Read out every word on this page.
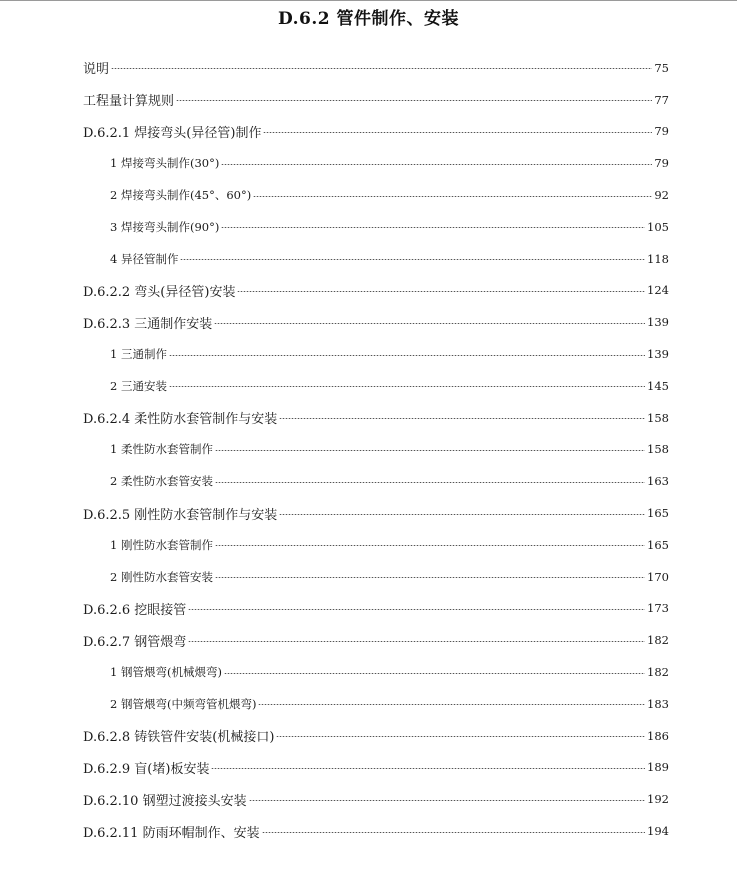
D.6.2 管件制作、安装
说明	75
工程量计算规则	77
D.6.2.1 焊接弯头(异径管)制作	79
1 焊接弯头制作(30°)	79
2 焊接弯头制作(45°、60°)	92
3 焊接弯头制作(90°)	105
4 异径管制作	118
D.6.2.2 弯头(异径管)安装	124
D.6.2.3 三通制作安装	139
1 三通制作	139
2 三通安装	145
D.6.2.4 柔性防水套管制作与安装	158
1 柔性防水套管制作	158
2 柔性防水套管安装	163
D.6.2.5 刚性防水套管制作与安装	165
1 刚性防水套管制作	165
2 刚性防水套管安装	170
D.6.2.6 挖眼接管	173
D.6.2.7 钢管煨弯	182
1 钢管煨弯(机械煨弯)	182
2 钢管煨弯(中频弯管机煨弯)	183
D.6.2.8 铸铁管件安装(机械接口)	186
D.6.2.9 盲(堵)板安装	189
D.6.2.10 钢塑过渡接头安装	192
D.6.2.11 防雨环帽制作、安装	194
